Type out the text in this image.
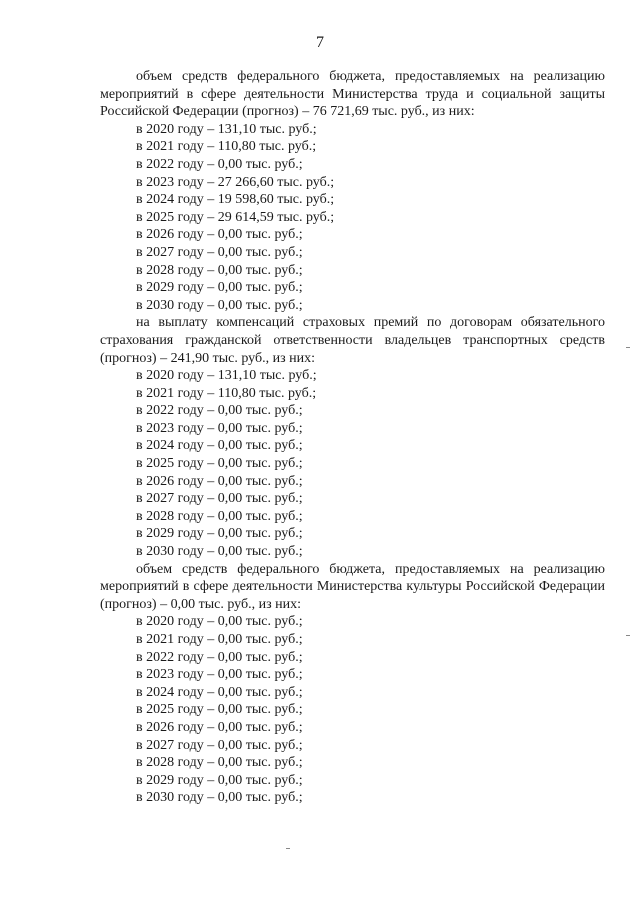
7
объем средств федерального бюджета, предоставляемых на реализацию мероприятий в сфере деятельности Министерства труда и социальной защиты Российской Федерации (прогноз) – 76 721,69 тыс. руб., из них:
в 2020 году – 131,10 тыс. руб.;
в 2021 году – 110,80 тыс. руб.;
в 2022 году – 0,00 тыс. руб.;
в 2023 году – 27 266,60 тыс. руб.;
в 2024 году – 19 598,60 тыс. руб.;
в 2025 году – 29 614,59 тыс. руб.;
в 2026 году – 0,00 тыс. руб.;
в 2027 году – 0,00 тыс. руб.;
в 2028 году – 0,00 тыс. руб.;
в 2029 году – 0,00 тыс. руб.;
в 2030 году – 0,00 тыс. руб.;
на выплату компенсаций страховых премий по договорам обязательного страхования гражданской ответственности владельцев транспортных средств (прогноз) – 241,90 тыс. руб., из них:
в 2020 году – 131,10 тыс. руб.;
в 2021 году – 110,80 тыс. руб.;
в 2022 году – 0,00 тыс. руб.;
в 2023 году – 0,00 тыс. руб.;
в 2024 году – 0,00 тыс. руб.;
в 2025 году – 0,00 тыс. руб.;
в 2026 году – 0,00 тыс. руб.;
в 2027 году – 0,00 тыс. руб.;
в 2028 году – 0,00 тыс. руб.;
в 2029 году – 0,00 тыс. руб.;
в 2030 году – 0,00 тыс. руб.;
объем средств федерального бюджета, предоставляемых на реализацию мероприятий в сфере деятельности Министерства культуры Российской Федерации (прогноз) – 0,00 тыс. руб., из них:
в 2020 году – 0,00 тыс. руб.;
в 2021 году – 0,00 тыс. руб.;
в 2022 году – 0,00 тыс. руб.;
в 2023 году – 0,00 тыс. руб.;
в 2024 году – 0,00 тыс. руб.;
в 2025 году – 0,00 тыс. руб.;
в 2026 году – 0,00 тыс. руб.;
в 2027 году – 0,00 тыс. руб.;
в 2028 году – 0,00 тыс. руб.;
в 2029 году – 0,00 тыс. руб.;
в 2030 году – 0,00 тыс. руб.;
